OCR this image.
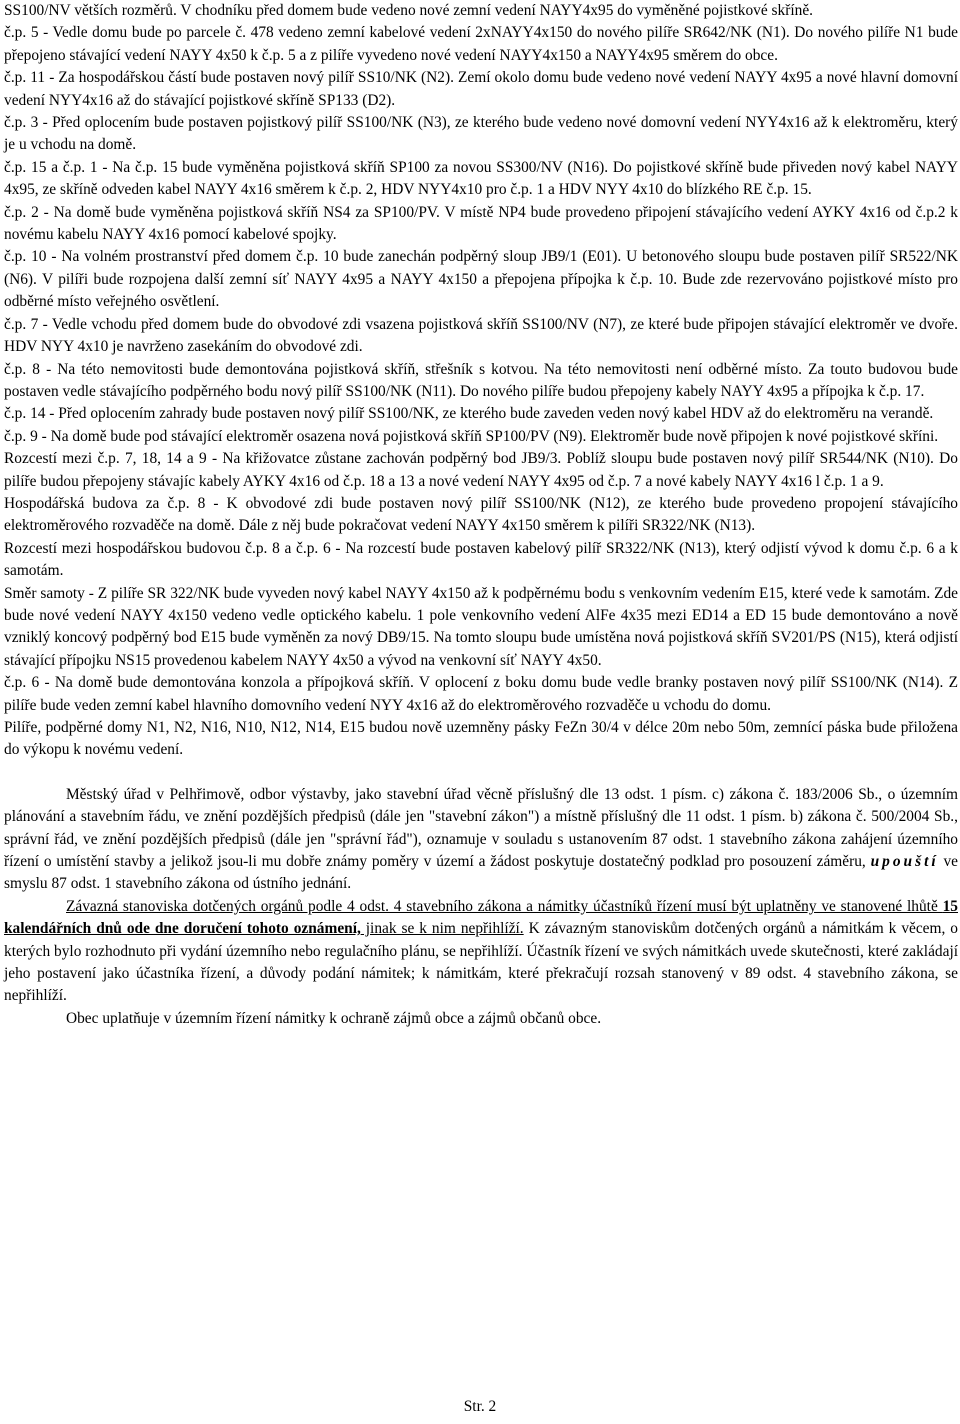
SS100/NV větších rozměrů. V chodníku před domem bude vedeno nové zemní vedení NAYY4x95 do vyměněné pojistkové skříně.

č.p. 5 - Vedle domu bude po parcele č. 478 vedeno zemní kabelové vedení 2xNAYY4x150 do nového pilíře SR642/NK (N1). Do nového pilíře N1 bude přepojeno stávající vedení NAYY 4x50 k č.p. 5 a z pilíře vyvedeno nové vedení NAYY4x150 a NAYY4x95 směrem do obce.

č.p. 11 - Za hospodářskou částí bude postaven nový pilíř SS10/NK (N2). Zemí okolo domu bude vedeno nové vedení NAYY 4x95 a nové hlavní domovní vedení NYY4x16 až do stávající pojistkové skříně SP133 (D2).

č.p. 3 - Před oplocením bude postaven pojistkový pilíř SS100/NK (N3), ze kterého bude vedeno nové domovní vedení NYY4x16 až k elektroměru, který je u vchodu na domě.

č.p. 15 a č.p. 1 - Na č.p. 15 bude vyměněna pojistková skříň SP100 za novou SS300/NV (N16). Do pojistkové skříně bude přiveden nový kabel NAYY 4x95, ze skříně odveden kabel NAYY 4x16 směrem k č.p. 2, HDV NYY4x10 pro č.p. 1 a HDV NYY 4x10 do blízkého RE č.p. 15.

č.p. 2 - Na domě bude vyměněna pojistková skříň NS4 za SP100/PV. V místě NP4 bude provedeno připojení stávajícího vedení AYKY 4x16 od č.p.2 k novému kabelu NAYY 4x16 pomocí kabelové spojky.

č.p. 10 - Na volném prostranství před domem č.p. 10 bude zanechán podpěrný sloup JB9/1 (E01). U betonového sloupu bude postaven pilíř SR522/NK (N6). V pilíři bude rozpojena další zemní síť NAYY 4x95 a NAYY 4x150 a přepojena přípojka k č.p. 10. Bude zde rezervováno pojistkové místo pro odběrné místo veřejného osvětlení.

č.p. 7 - Vedle vchodu před domem bude do obvodové zdi vsazena pojistková skříň SS100/NV (N7), ze které bude připojen stávající elektroměr ve dvoře. HDV NYY 4x10 je navrženo zasekáním do obvodové zdi.

č.p. 8 - Na této nemovitosti bude demontována pojistková skříň, střešník s kotvou. Na této nemovitosti není odběrné místo. Za touto budovou bude postaven vedle stávajícího podpěrného bodu nový pilíř SS100/NK (N11). Do nového pilíře budou přepojeny kabely NAYY 4x95 a přípojka k č.p. 17.

č.p. 14 - Před oplocením zahrady bude postaven nový pilíř SS100/NK, ze kterého bude zaveden veden nový kabel HDV až do elektroměru na verandě.

č.p. 9 - Na domě bude pod stávající elektroměr osazena nová pojistková skříň SP100/PV (N9). Elektroměr bude nově připojen k nové pojistkové skříni.

Rozcestí mezi č.p. 7, 18, 14 a 9 - Na křižovatce zůstane zachován podpěrný bod JB9/3. Poblíž sloupu bude postaven nový pilíř SR544/NK (N10). Do pilíře budou přepojeny stávajíc kabely AYKY 4x16 od č.p. 18 a 13 a nové vedení NAYY 4x95 od č.p. 7 a nové kabely NAYY 4x16 l č.p. 1 a 9.

Hospodářská budova za č.p. 8 - K obvodové zdi bude postaven nový pilíř SS100/NK (N12), ze kterého bude provedeno propojení stávajícího elektroměrového rozvaděče na domě. Dále z něj bude pokračovat vedení NAYY 4x150 směrem k pilíři SR322/NK (N13).

Rozcestí mezi hospodářskou budovou č.p. 8 a č.p. 6 - Na rozcestí bude postaven kabelový pilíř SR322/NK (N13), který odjistí vývod k domu č.p. 6 a k samotám.

Směr samoty - Z pilíře SR 322/NK bude vyveden nový kabel NAYY 4x150 až k podpěrnému bodu s venkovním vedením E15, které vede k samotám. Zde bude nové vedení NAYY 4x150 vedeno vedle optického kabelu. 1 pole venkovního vedení AlFe 4x35 mezi ED14 a ED 15 bude demontováno a nově vzniklý koncový podpěrný bod E15 bude vyměněn za nový DB9/15. Na tomto sloupu bude umístěna nová pojistková skříň SV201/PS (N15), která odjistí stávající přípojku NS15 provedenou kabelem NAYY 4x50 a vývod na venkovní síť NAYY 4x50.

č.p. 6 - Na domě bude demontována konzola a přípojková skříň. V oplocení z boku domu bude vedle branky postaven nový pilíř SS100/NK (N14). Z pilíře bude veden zemní kabel hlavního domovního vedení NYY 4x16 až do elektroměrového rozvaděče u vchodu do domu.

Pilíře, podpěrné domy N1, N2, N16, N10, N12, N14, E15 budou nově uzemněny pásky FeZn 30/4 v délce 20m nebo 50m, zemnící páska bude přiložena do výkopu k novému vedení.

Městský úřad v Pelhřimově, odbor výstavby, jako stavební úřad věcně příslušný dle 13 odst. 1 písm. c) zákona č. 183/2006 Sb., o územním plánování a stavebním řádu, ve znění pozdějších předpisů (dále jen "stavební zákon") a místně příslušný dle 11 odst. 1 písm. b) zákona č. 500/2004 Sb., správní řád, ve znění pozdějších předpisů (dále jen "správní řád"), oznamuje v souladu s ustanovením 87 odst. 1 stavebního zákona zahájení územního řízení o umístění stavby a jelikož jsou-li mu dobře známy poměry v území a žádost poskytuje dostatečný podklad pro posouzení záměru, upouští ve smyslu 87 odst. 1 stavebního zákona od ústního jednání.

Závazná stanoviska dotčených orgánů podle 4 odst. 4 stavebního zákona a námitky účastníků řízení musí být uplatněny ve stanovené lhůtě 15 kalendářních dnů ode dne doručení tohoto oznámení, jinak se k nim nepřihlíží. K závazným stanoviskům dotčených orgánů a námitkám k věcem, o kterých bylo rozhodnuto při vydání územního nebo regulačního plánu, se nepřihlíží. Účastník řízení ve svých námitkách uvede skutečnosti, které zakládají jeho postavení jako účastníka řízení, a důvody podání námitek; k námitkám, které překračují rozsah stanovený v 89 odst. 4 stavebního zákona, se nepřihlíží.

Obec uplatňuje v územním řízení námitky k ochraně zájmů obce a zájmů občanů obce.

Str. 2
